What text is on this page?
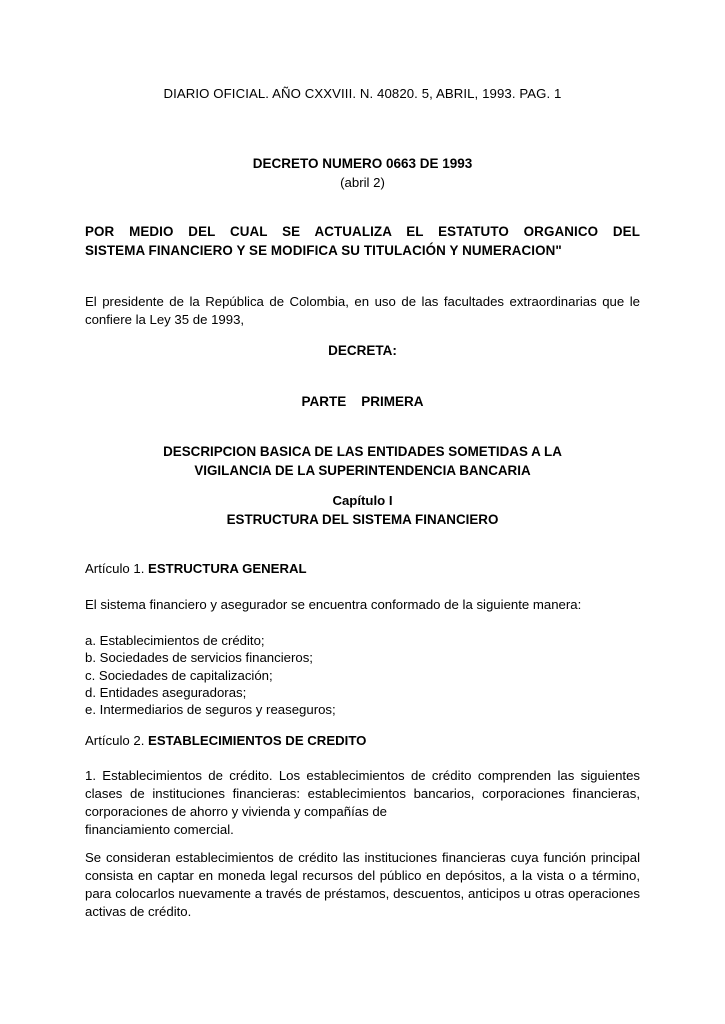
DIARIO OFICIAL. AÑO CXXVIII. N. 40820. 5, ABRIL, 1993. PAG. 1
DECRETO NUMERO 0663 DE 1993
(abril 2)
POR MEDIO DEL CUAL SE ACTUALIZA EL ESTATUTO ORGANICO DEL
SISTEMA FINANCIERO Y SE MODIFICA SU TITULACIÓN Y NUMERACION"
El presidente de la República de Colombia, en uso de las facultades extraordinarias que le confiere la Ley 35 de 1993,
DECRETA:
PARTE    PRIMERA
DESCRIPCION BASICA DE LAS ENTIDADES SOMETIDAS A LA
VIGILANCIA DE LA SUPERINTENDENCIA BANCARIA
Capítulo I
ESTRUCTURA DEL SISTEMA FINANCIERO
Artículo 1. ESTRUCTURA GENERAL
El sistema financiero y asegurador se encuentra conformado de la siguiente manera:
a. Establecimientos de crédito;
b. Sociedades de servicios financieros;
c. Sociedades de capitalización;
d. Entidades aseguradoras;
e. Intermediarios de seguros y reaseguros;
Artículo 2. ESTABLECIMIENTOS DE CREDITO
1. Establecimientos de crédito. Los establecimientos de crédito comprenden las siguientes clases de instituciones financieras: establecimientos bancarios, corporaciones financieras, corporaciones de ahorro y vivienda y compañías de
financiamiento comercial.
Se consideran establecimientos de crédito las instituciones financieras cuya función principal consista en captar en moneda legal recursos del público en depósitos, a la vista o a término, para colocarlos nuevamente a través de préstamos, descuentos, anticipos u otras operaciones activas de crédito.
